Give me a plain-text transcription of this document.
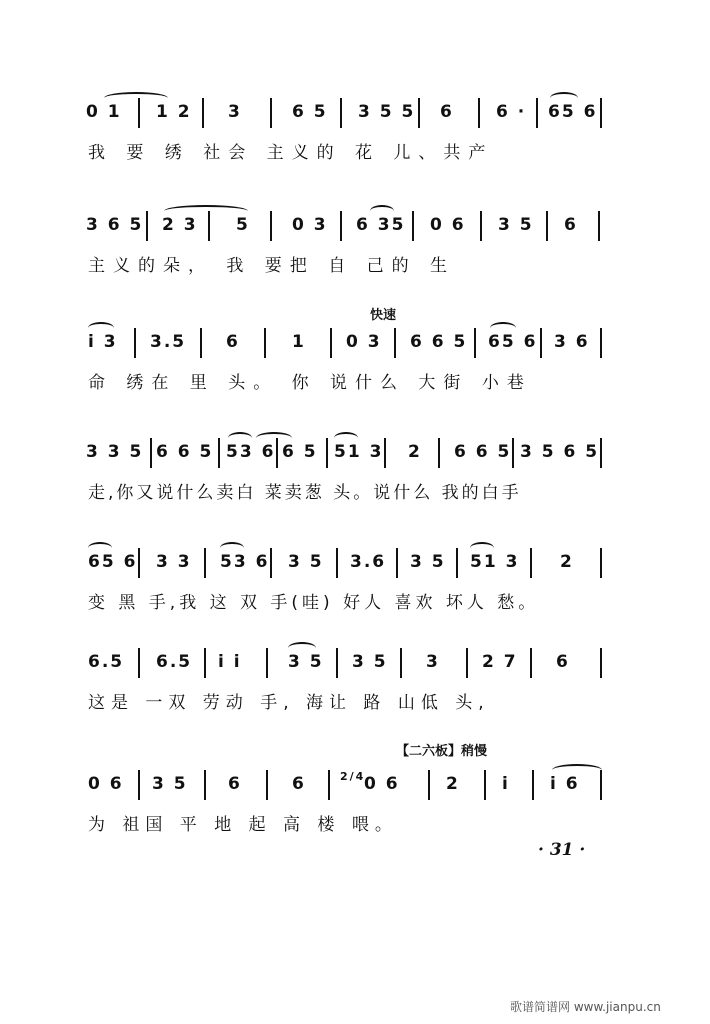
0 1 1 2 3	6 5 3 5 5 6 6 · 65 6
我 要 绣 社会 主义的 花 儿、共产
3 6 5 2 3 5 0 3 6 35 0 6 3 5 6
主义的朵， 我 要把 自 己的 生
快速
i 3 3.5 6	1 0 3 6 6 5 65 6 3 6
命 绣在 里 头。 你 说什么 大街 小巷
3 3 5 6 6 5 53 6 6 5 51 3 2 6 6 5 3 5 6 5
走,你又说什么卖白 菜卖葱 头。说什么 我的白手
65 6 3 3 53 6 3 5 3.6 3 5 51 3 2
变 黑 手,我 这 双 手(哇) 好人 喜欢 坏人 愁。
6.5 6.5 i i	3 5 3 5 3 2 7 6
这是 一双 劳动 手, 海让 路 山低 头,
【二六板】稍慢
0 6 3 5 6	6	2/4
0 6	2 i i 6
为 祖国 平 地 起 高 楼 喂。
· 31 ·
歌谱简谱网 www.jianpu.cn
